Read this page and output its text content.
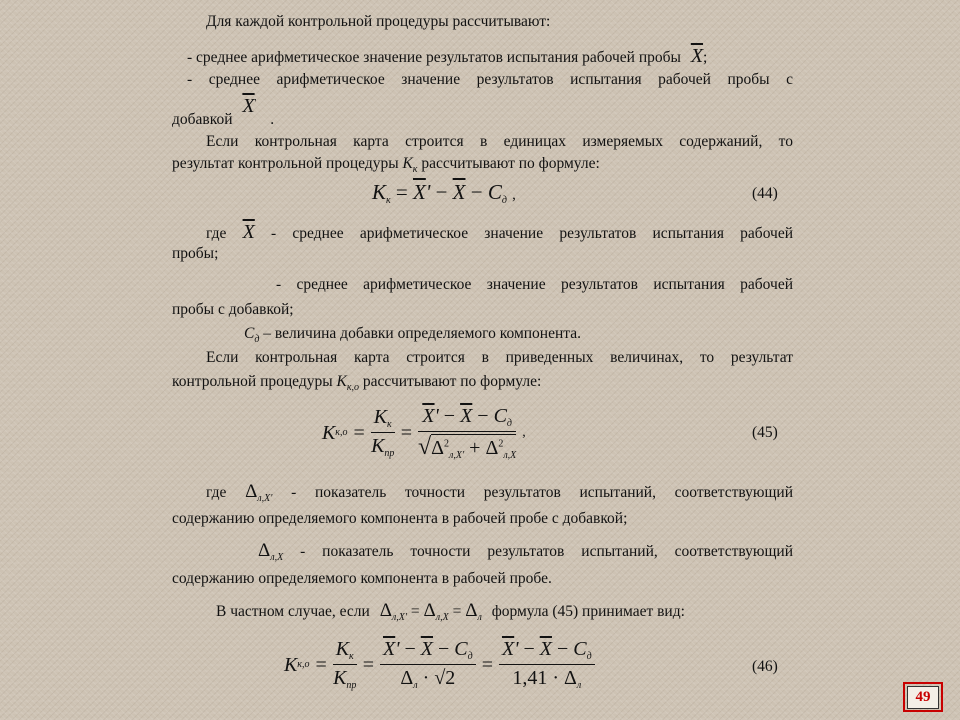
Для каждой контрольной процедуры рассчитывают:
- среднее арифметическое значение результатов испытания рабочей пробы $\overline{X}$;
- среднее арифметическое значение результатов испытания рабочей пробы с
добавкой $\overline{X}'$ .
Если контрольная карта строится в единицах измеряемых содержаний, то
результат контрольной процедуры $К_к$ рассчитывают по формуле:
$К_к = \overline{X}' - \overline{X} - С_д$ ,	(44)
где $\overline{X}$ - среднее арифметическое значение результатов испытания рабочей
пробы;
- среднее арифметическое значение результатов испытания рабочей
пробы с добавкой;
$С_д$ – величина добавки определяемого компонента.
Если контрольная карта строится в приведенных величинах, то результат
контрольной процедуры $К_{к,о}$ рассчитывают по формуле:
К $к,о = \frac{К_к}{К_{пр}} = \frac{\overline{X}' - \overline{X} - С_д}{√\Delta^2_{л,X'} + \Delta^2_{л,X}}$ ,	(45)
где $\Delta_{л,X'}$ - показатель точности результатов испытаний, соответствующий
содержанию определяемого компонента в рабочей пробе с добавкой;
$\Delta_{л,X}$ - показатель точности результатов испытаний, соответствующий
содержанию определяемого компонента в рабочей пробе.
В частном случае, если $\Delta_{л,X'} = \Delta_{л,X} = \Delta_л$ формула (45) принимает вид:
К $к,о = \frac{К_к}{К_{пр}} = \frac{\overline{X}' - \overline{X} - С_д}{\Delta_л \cdot √2} = \frac{\overline{X}' - \overline{X} - С_д}{1,41 \cdot \Delta_л}$	(46)
49
